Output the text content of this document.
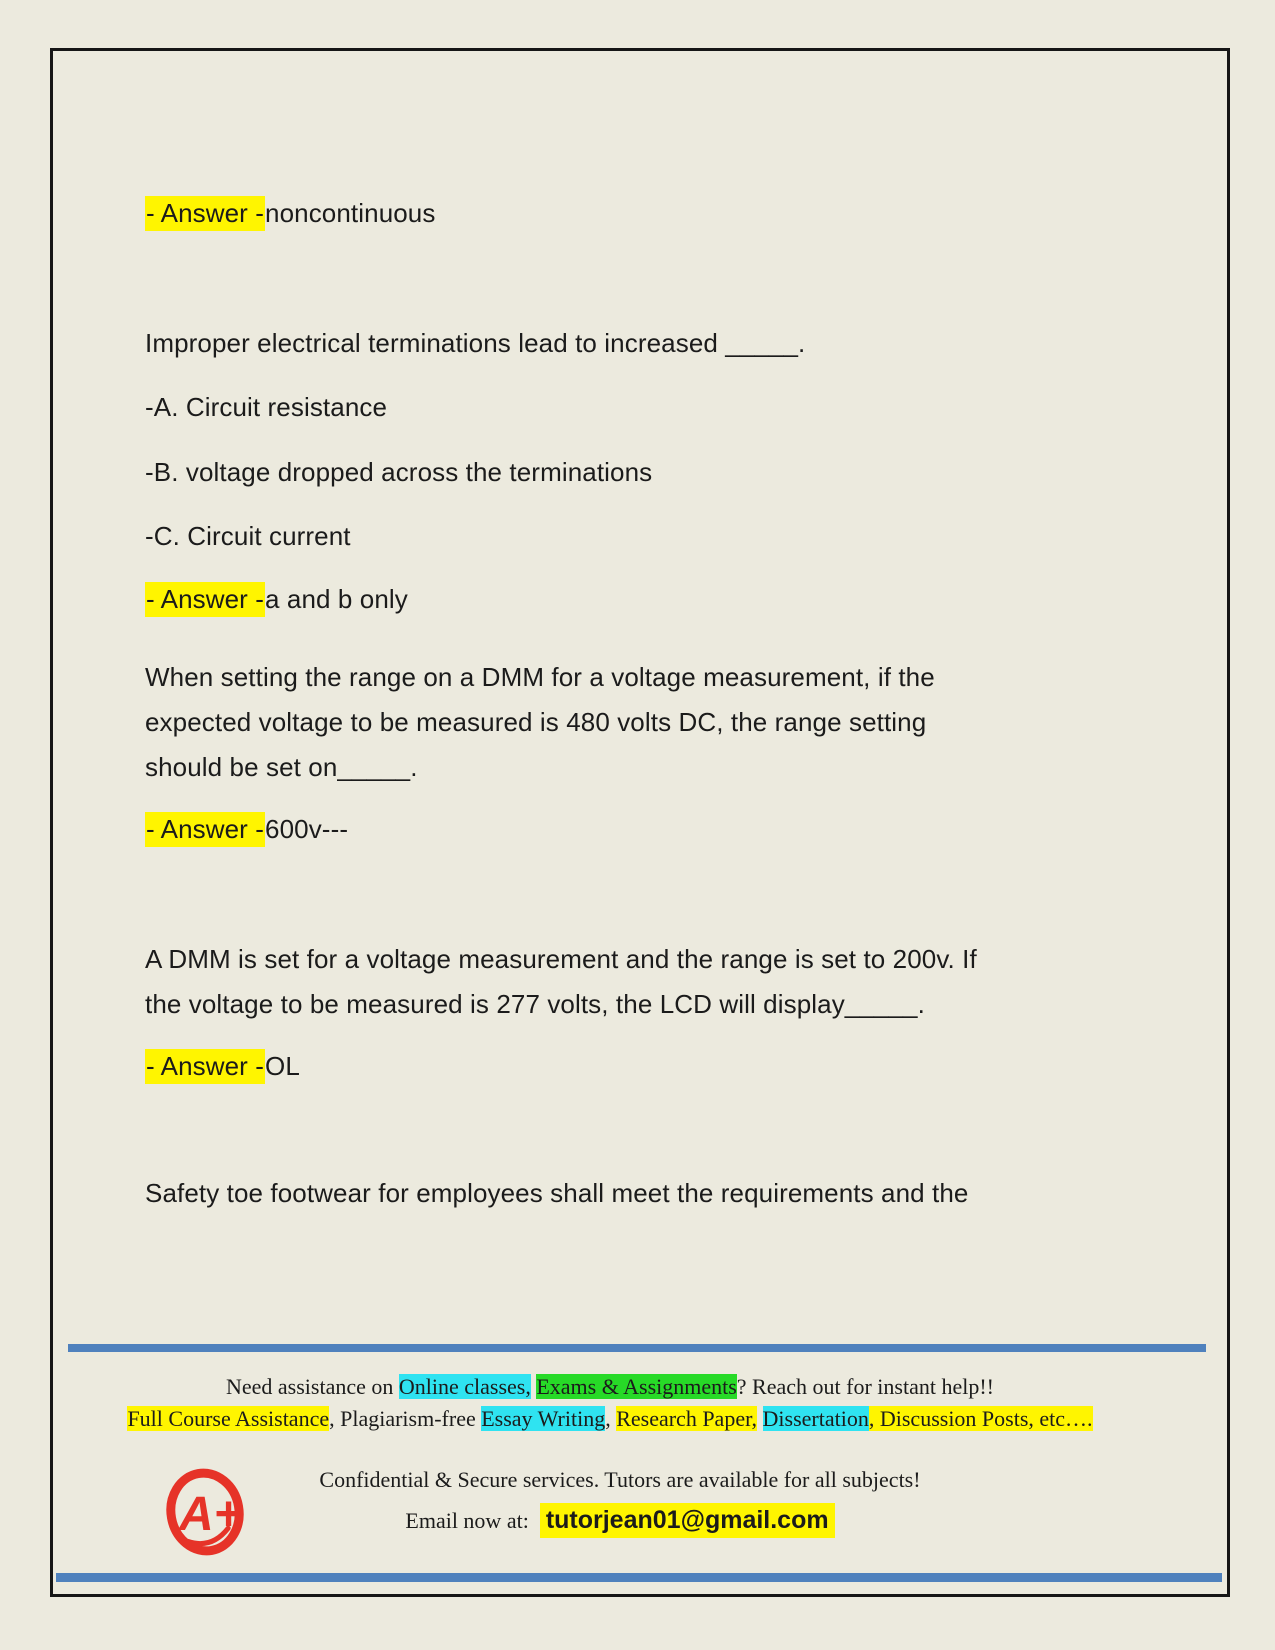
- Answer -noncontinuous

Improper electrical terminations lead to increased _____.

-A. Circuit resistance

-B. voltage dropped across the terminations

-C. Circuit current

- Answer -a and b only

When setting the range on a DMM for a voltage measurement, if the
expected voltage to be measured is 480 volts DC, the range setting
should be set on_____.

- Answer -600v---

A DMM is set for a voltage measurement and the range is set to 200v. If
the voltage to be measured is 277 volts, the LCD will display_____.

- Answer -OL

Safety toe footwear for employees shall meet the requirements and the

Need assistance on Online classes, Exams & Assignments? Reach out for instant help!!

Full Course Assistance, Plagiarism-free Essay Writing, Research Paper, Dissertation, Discussion Posts, etc….

A+

Confidential & Secure services. Tutors are available for all subjects!

Email now at: tutorjean01@gmail.com
